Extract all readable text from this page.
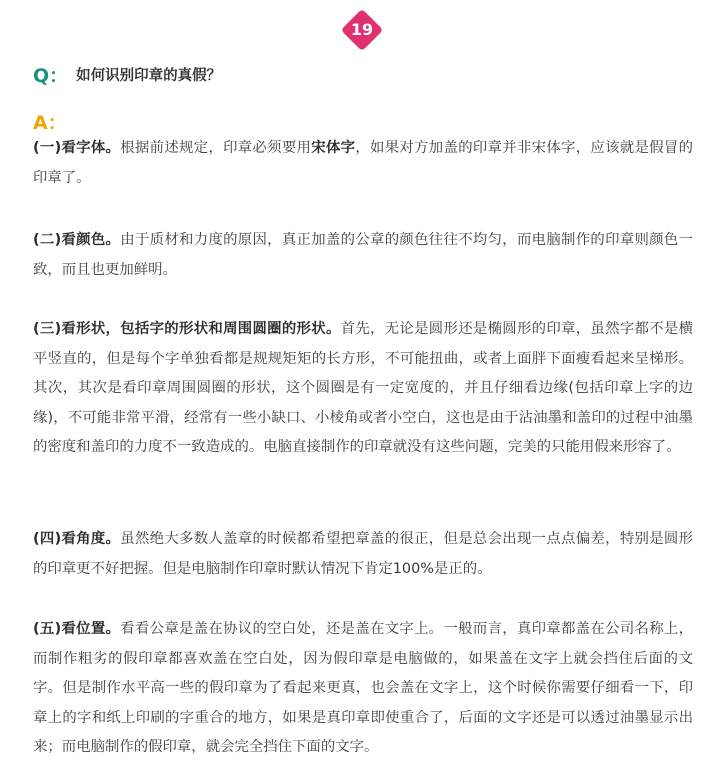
19
Q： 如何识别印章的真假？
A：

(一)看字体。根据前述规定，印章必须要用宋体字，如果对方加盖的印章并非宋体字，应该就是假冒的印章了。

(二)看颜色。由于质材和力度的原因，真正加盖的公章的颜色往往不均匀，而电脑制作的印章则颜色一致，而且也更加鲜明。

(三)看形状，包括字的形状和周围圆圈的形状。首先，无论是圆形还是椭圆形的印章，虽然字都不是横平竖直的，但是每个字单独看都是规规矩矩的长方形，不可能扭曲，或者上面胖下面瘦看起来呈梯形。其次，其次是看印章周围圆圈的形状，这个圆圈是有一定宽度的，并且仔细看边缘(包括印章上字的边缘)，不可能非常平滑，经常有一些小缺口、小棱角或者小空白，这也是由于沾油墨和盖印的过程中油墨的密度和盖印的力度不一致造成的。电脑直接制作的印章就没有这些问题，完美的只能用假来形容了。

(四)看角度。虽然绝大多数人盖章的时候都希望把章盖的很正，但是总会出现一点点偏差，特别是圆形的印章更不好把握。但是电脑制作印章时默认情况下肯定100%是正的。

(五)看位置。看看公章是盖在协议的空白处，还是盖在文字上。一般而言，真印章都盖在公司名称上，而制作粗劣的假印章都喜欢盖在空白处，因为假印章是电脑做的，如果盖在文字上就会挡住后面的文字。但是制作水平高一些的假印章为了看起来更真，也会盖在文字上，这个时候你需要仔细看一下，印章上的字和纸上印刷的字重合的地方，如果是真印章即使重合了，后面的文字还是可以透过油墨显示出来；而电脑制作的假印章，就会完全挡住下面的文字。
